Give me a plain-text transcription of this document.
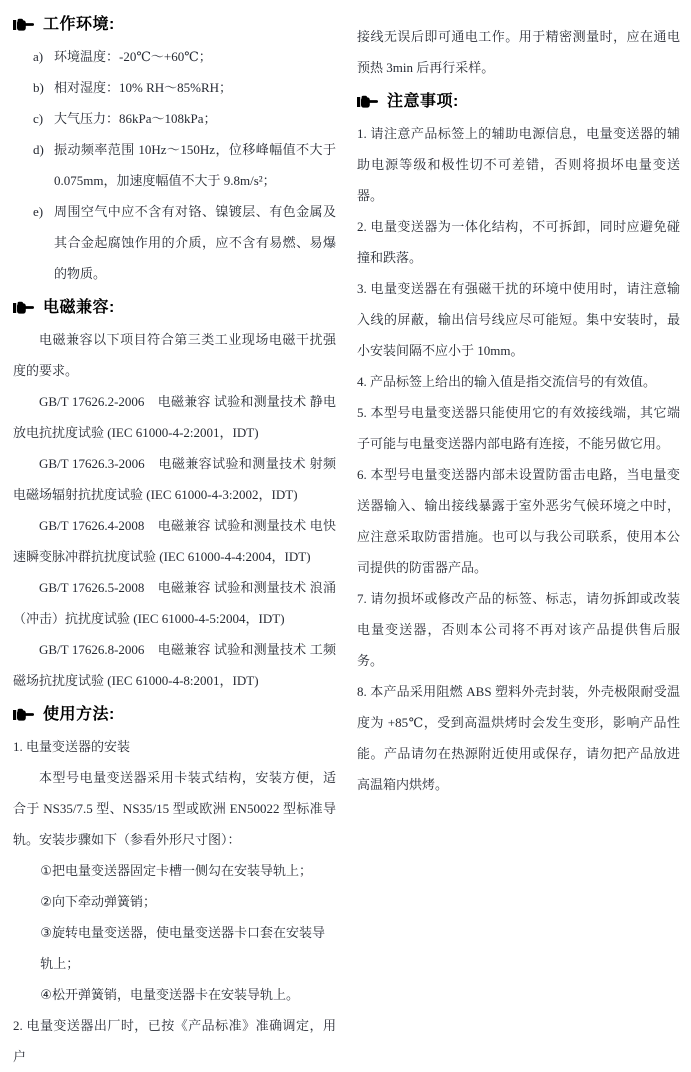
工作环境:
a) 环境温度：-20℃～+60℃；
b) 相对湿度：10% RH～85%RH；
c) 大气压力：86kPa～108kPa；
d) 振动频率范围 10Hz～150Hz，位移峰幅值不大于 0.075mm，加速度幅值不大于 9.8m/s²；
e) 周围空气中应不含有对铬、镍镀层、有色金属及其合金起腐蚀作用的介质，应不含有易燃、易爆的物质。
电磁兼容:

电磁兼容以下项目符合第三类工业现场电磁干扰强度的要求。

GB/T 17626.2-2006　电磁兼容 试验和测量技术 静电放电抗扰度试验 (IEC 61000-4-2:2001，IDT)

GB/T 17626.3-2006　电磁兼容试验和测量技术 射频电磁场辐射抗扰度试验 (IEC 61000-4-3:2002，IDT)

GB/T 17626.4-2008　电磁兼容 试验和测量技术 电快速瞬变脉冲群抗扰度试验 (IEC 61000-4-4:2004，IDT)

GB/T 17626.5-2008　电磁兼容 试验和测量技术 浪涌（冲击）抗扰度试验 (IEC 61000-4-5:2004，IDT)

GB/T 17626.8-2006　电磁兼容 试验和测量技术 工频磁场抗扰度试验 (IEC 61000-4-8:2001，IDT)

使用方法:

1. 电量变送器的安装

本型号电量变送器采用卡装式结构，安装方便，适合于 NS35/7.5 型、NS35/15 型或欧洲 EN50022 型标准导轨。安装步骤如下（参看外形尺寸图）：

①把电量变送器固定卡槽一侧勾在安装导轨上；

②向下牵动弹簧销；

③旋转电量变送器，使电量变送器卡口套在安装导轨上；

④松开弹簧销，电量变送器卡在安装导轨上。

2. 电量变送器出厂时，已按《产品标准》准确调定，用户

接线无误后即可通电工作。用于精密测量时，应在通电预热 3min 后再行采样。

注意事项:

1. 请注意产品标签上的辅助电源信息，电量变送器的辅助电源等级和极性切不可差错，否则将损坏电量变送器。

2. 电量变送器为一体化结构，不可拆卸，同时应避免碰撞和跌落。

3. 电量变送器在有强磁干扰的环境中使用时，请注意输入线的屏蔽，输出信号线应尽可能短。集中安装时，最小安装间隔不应小于 10mm。

4. 产品标签上给出的输入值是指交流信号的有效值。

5. 本型号电量变送器只能使用它的有效接线端，其它端子可能与电量变送器内部电路有连接，不能另做它用。

6. 本型号电量变送器内部未设置防雷击电路，当电量变送器输入、输出接线暴露于室外恶劣气候环境之中时，应注意采取防雷措施。也可以与我公司联系，使用本公司提供的防雷器产品。

7. 请勿损坏或修改产品的标签、标志，请勿拆卸或改装电量变送器，否则本公司将不再对该产品提供售后服务。

8. 本产品采用阻燃 ABS 塑料外壳封装，外壳极限耐受温度为 +85℃，受到高温烘烤时会发生变形，影响产品性能。产品请勿在热源附近使用或保存，请勿把产品放进高温箱内烘烤。
